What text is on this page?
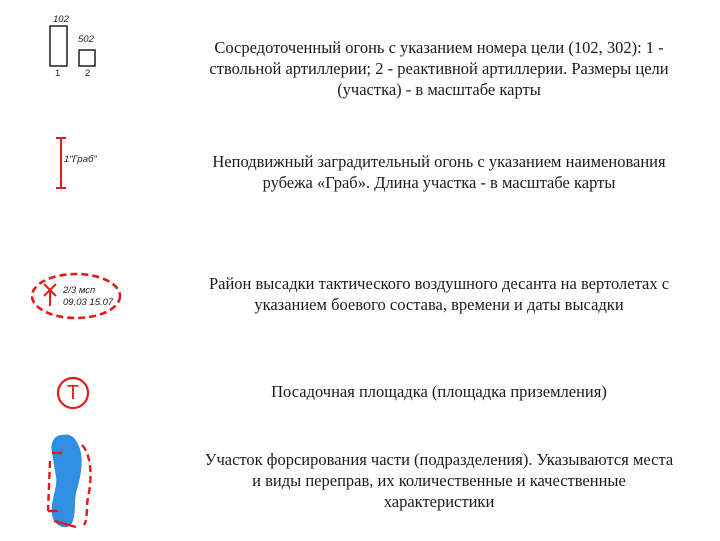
102
502
1	2
Сосредоточенный огонь с указанием номера цели (102, 302): 1 - ствольной артиллерии; 2 - реактивной артиллерии. Размеры цели (участка) - в масштабе карты
1"Граб"	Неподвижный заградительный огонь с указанием наименования рубежа «Граб». Длина участка - в масштабе карты
2/3 мсп
09.03 15.07
Район высадки тактического воздушного десанта на вертолетах с указанием боевого состава, времени и даты высадки
Т	Посадочная площадка (площадка приземления)
Участок форсирования части (подразделения). Указываются места и виды переправ, их количественные и качественные характеристики
